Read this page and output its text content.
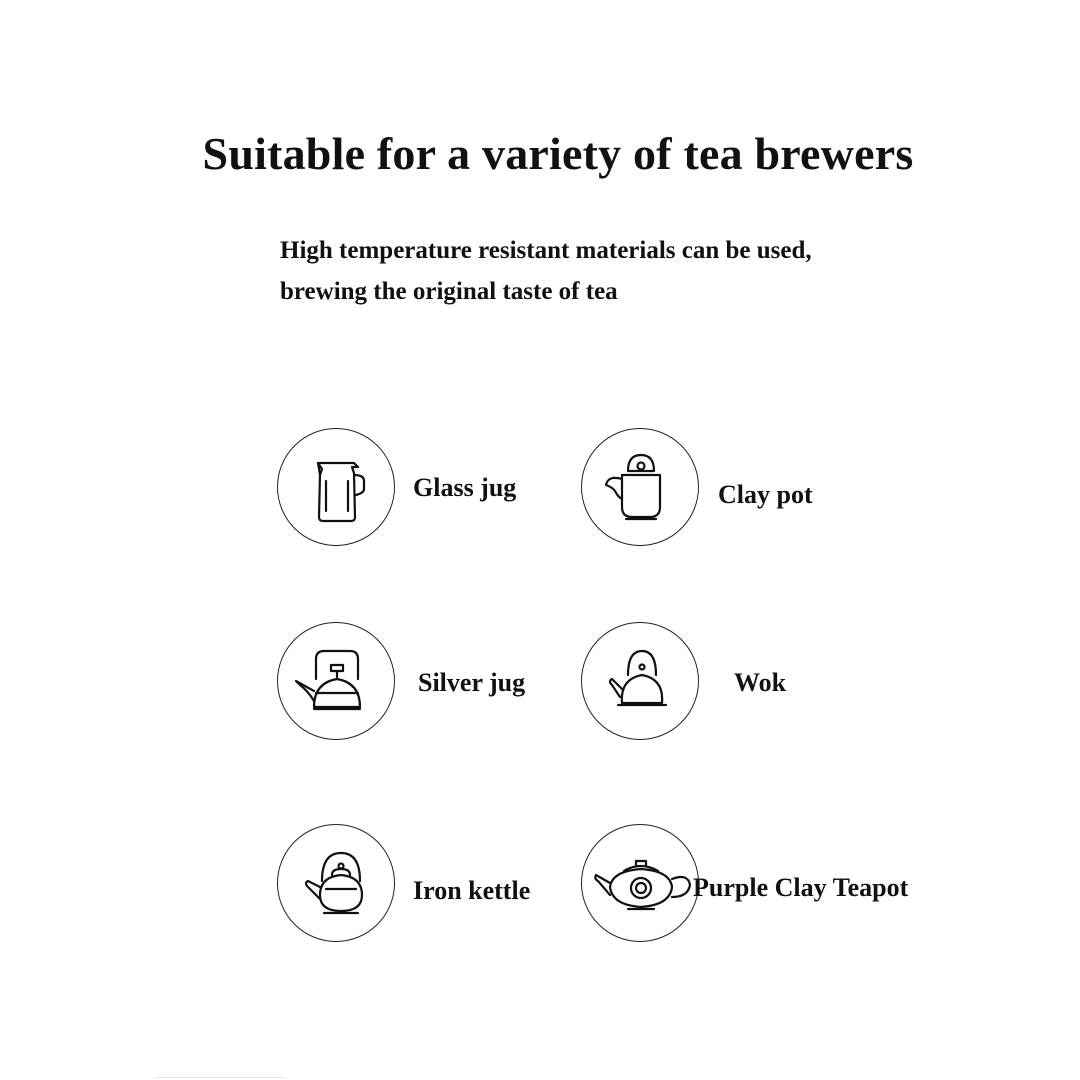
Suitable for a variety of tea brewers

High temperature resistant materials can be used,
brewing the original taste of tea

Glass jug	Clay pot
Silver jug	Wok
Iron kettle	Purple Clay Teapot
